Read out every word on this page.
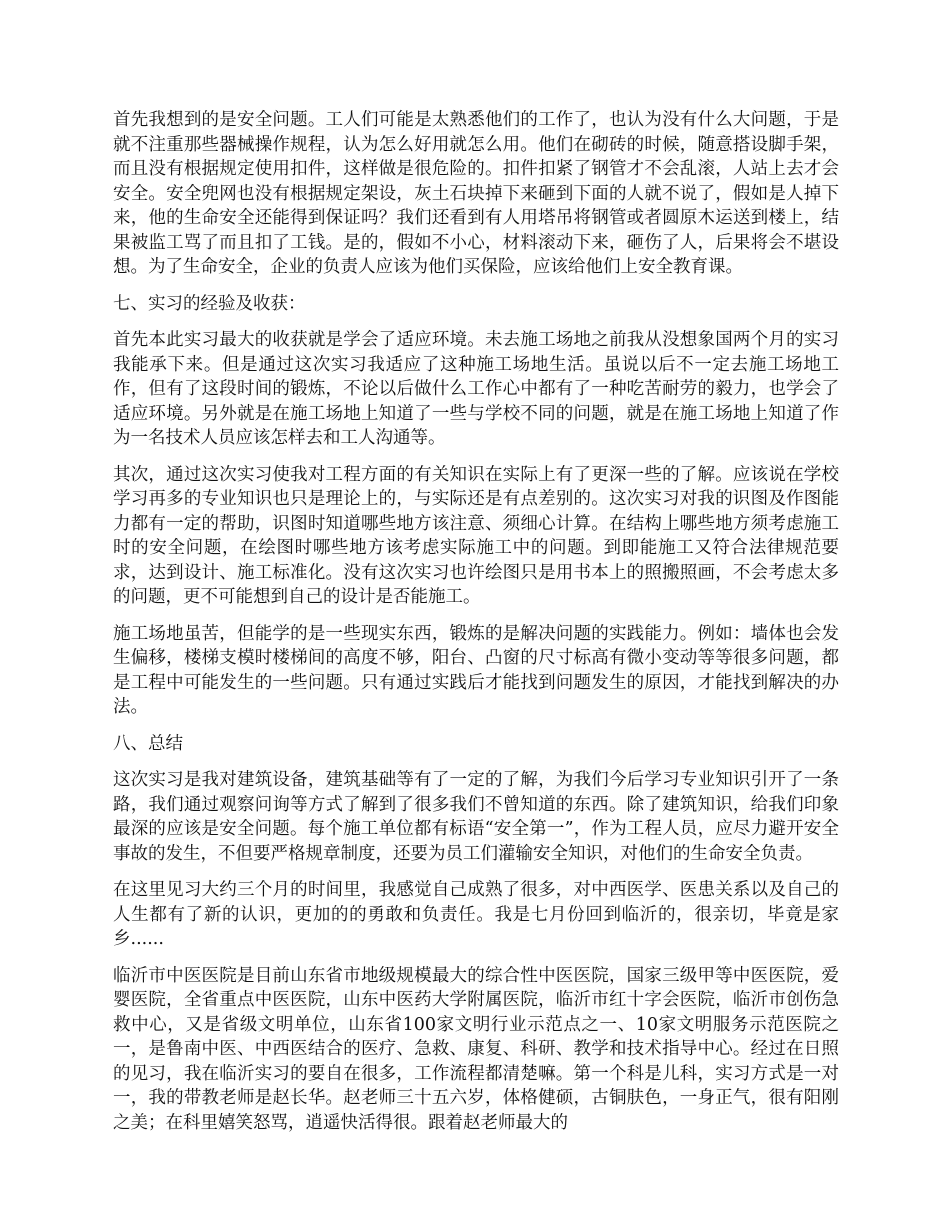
首先我想到的是安全问题。工人们可能是太熟悉他们的工作了，也认为没有什么大问题，于是就不注重那些器械操作规程，认为怎么好用就怎么用。他们在砌砖的时候，随意搭设脚手架，而且没有根据规定使用扣件，这样做是很危险的。扣件扣紧了钢管才不会乱滚，人站上去才会安全。安全兜网也没有根据规定架设，灰土石块掉下来砸到下面的人就不说了，假如是人掉下来，他的生命安全还能得到保证吗？我们还看到有人用塔吊将钢管或者圆原木运送到楼上，结果被监工骂了而且扣了工钱。是的，假如不小心，材料滚动下来，砸伤了人，后果将会不堪设想。为了生命安全，企业的负责人应该为他们买保险，应该给他们上安全教育课。

七、实习的经验及收获：

首先本此实习最大的收获就是学会了适应环境。未去施工场地之前我从没想象国两个月的实习我能承下来。但是通过这次实习我适应了这种施工场地生活。虽说以后不一定去施工场地工作，但有了这段时间的锻炼，不论以后做什么工作心中都有了一种吃苦耐劳的毅力，也学会了适应环境。另外就是在施工场地上知道了一些与学校不同的问题，就是在施工场地上知道了作为一名技术人员应该怎样去和工人沟通等。

其次，通过这次实习使我对工程方面的有关知识在实际上有了更深一些的了解。应该说在学校学习再多的专业知识也只是理论上的，与实际还是有点差别的。这次实习对我的识图及作图能力都有一定的帮助，识图时知道哪些地方该注意、须细心计算。在结构上哪些地方须考虑施工时的安全问题，在绘图时哪些地方该考虑实际施工中的问题。到即能施工又符合法律规范要求，达到设计、施工标准化。没有这次实习也许绘图只是用书本上的照搬照画，不会考虑太多的问题，更不可能想到自己的设计是否能施工。

施工场地虽苦，但能学的是一些现实东西，锻炼的是解决问题的实践能力。例如：墙体也会发生偏移，楼梯支模时楼梯间的高度不够，阳台、凸窗的尺寸标高有微小变动等等很多问题，都是工程中可能发生的一些问题。只有通过实践后才能找到问题发生的原因，才能找到解决的办法。

八、总结

这次实习是我对建筑设备，建筑基础等有了一定的了解，为我们今后学习专业知识引开了一条路，我们通过观察问询等方式了解到了很多我们不曾知道的东西。除了建筑知识，给我们印象最深的应该是安全问题。每个施工单位都有标语“安全第一”，作为工程人员，应尽力避开安全事故的发生，不但要严格规章制度，还要为员工们灌输安全知识，对他们的生命安全负责。

在这里见习大约三个月的时间里，我感觉自己成熟了很多，对中西医学、医患关系以及自己的人生都有了新的认识，更加的的勇敢和负责任。我是七月份回到临沂的，很亲切，毕竟是家乡......

临沂市中医医院是目前山东省市地级规模最大的综合性中医医院，国家三级甲等中医医院，爱婴医院，全省重点中医医院，山东中医药大学附属医院，临沂市红十字会医院，临沂市创伤急救中心，又是省级文明单位，山东省100家文明行业示范点之一、10家文明服务示范医院之一，是鲁南中医、中西医结合的医疗、急救、康复、科研、教学和技术指导中心。经过在日照的见习，我在临沂实习的要自在很多，工作流程都清楚嘛。第一个科是儿科，实习方式是一对一，我的带教老师是赵长华。赵老师三十五六岁，体格健硕，古铜肤色，一身正气，很有阳刚之美；在科里嬉笑怒骂，逍遥快活得很。跟着赵老师最大的
